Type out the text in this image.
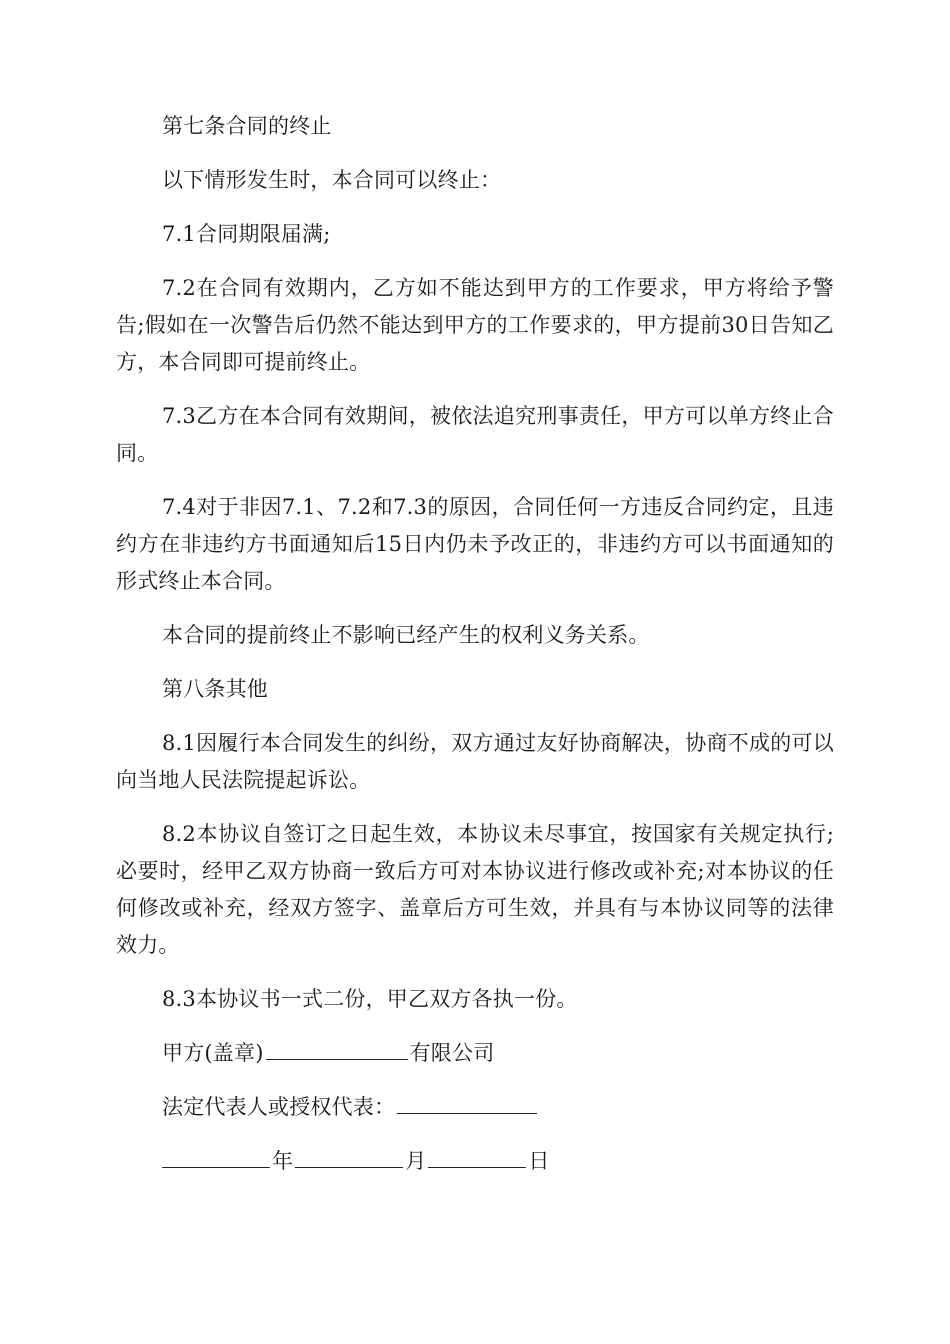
第七条合同的终止

以下情形发生时，本合同可以终止：

7.1合同期限届满;

7.2在合同有效期内，乙方如不能达到甲方的工作要求，甲方将给予警告;假如在一次警告后仍然不能达到甲方的工作要求的，甲方提前30日告知乙方，本合同即可提前终止。

7.3乙方在本合同有效期间，被依法追究刑事责任，甲方可以单方终止合同。

7.4对于非因7.1、7.2和7.3的原因，合同任何一方违反合同约定，且违约方在非违约方书面通知后15日内仍未予改正的，非违约方可以书面通知的形式终止本合同。

本合同的提前终止不影响已经产生的权利义务关系。

第八条其他

8.1因履行本合同发生的纠纷，双方通过友好协商解决，协商不成的可以向当地人民法院提起诉讼。

8.2本协议自签订之日起生效，本协议未尽事宜，按国家有关规定执行;必要时，经甲乙双方协商一致后方可对本协议进行修改或补充;对本协议的任何修改或补充，经双方签字、盖章后方可生效，并具有与本协议同等的法律效力。

8.3本协议书一式二份，甲乙双方各执一份。

甲方(盖章)	有限公司

法定代表人或授权代表：

年	月	日
